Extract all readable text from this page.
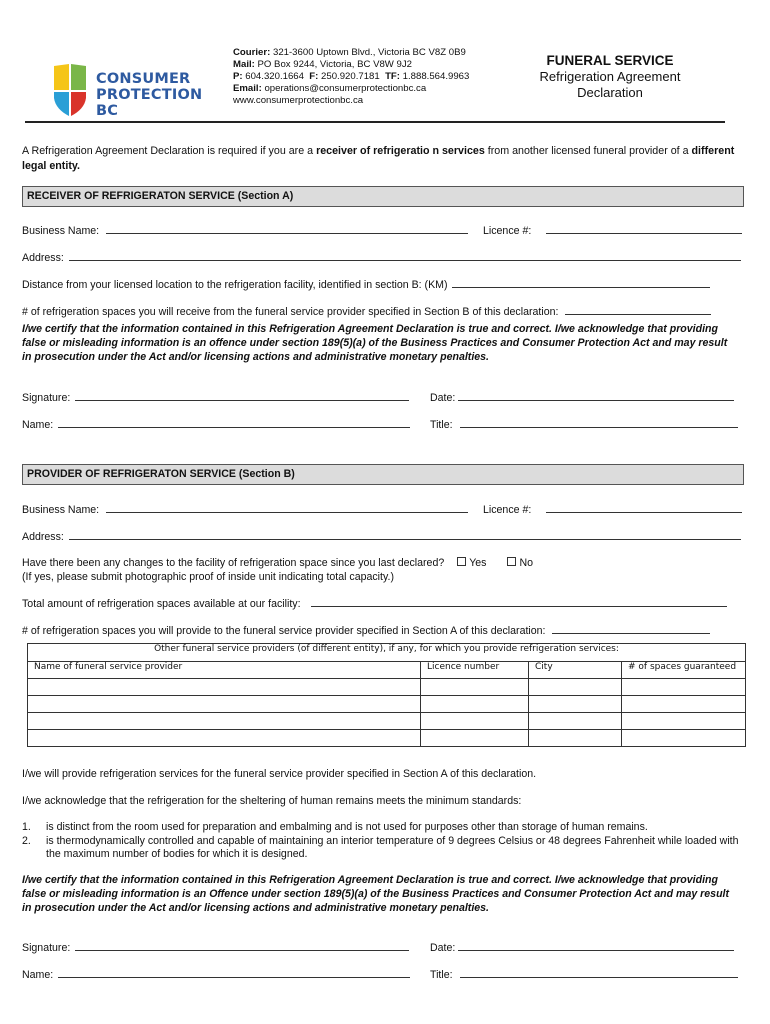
CONSUMER
PROTECTION BC
Courier: 321-3600 Uptown Blvd., Victoria BC V8Z 0B9
Mail: PO Box 9244, Victoria, BC V8W 9J2
P: 604.320.1664 F: 250.920.7181 TF: 1.888.564.9963
Email: operations@consumerprotectionbc.ca
www.consumerprotectionbc.ca
FUNERAL SERVICE
Refrigeration Agreement
Declaration
A Refrigeration Agreement Declaration is required if you are a receiver of refrigeratio n services from another licensed funeral provider of a different legal entity.
RECEIVER OF REFRIGERATON SERVICE (Section A)
Business Name:	Licence #:
Address:
Distance from your licensed location to the refrigeration facility, identified in section B: (KM)
# of refrigeration spaces you will receive from the funeral service provider specified in Section B of this declaration:
I/we certify that the information contained in this Refrigeration Agreement Declaration is true and correct. I/we acknowledge that providing false or misleading information is an offence under section 189(5)(a) of the Business Practices and Consumer Protection Act and may result in prosecution under the Act and/or licensing actions and administrative monetary penalties.
Signature:	Date:
Name:	Title:
PROVIDER OF REFRIGERATON SERVICE (Section B)
Business Name:	Licence #:
Address:
Have there been any changes to the facility of refrigeration space since you last declared? Yes	No
(If yes, please submit photographic proof of inside unit indicating total capacity.)
Total amount of refrigeration spaces available at our facility:
# of refrigeration spaces you will provide to the funeral service provider specified in Section A of this declaration:
Other funeral service providers (of different entity), if any, for which you provide refrigeration services:			
Name of funeral service provider	Licence number	City	# of spaces guaranteed

I/we will provide refrigeration services for the funeral service provider specified in Section A of this declaration.
I/we acknowledge that the refrigeration for the sheltering of human remains meets the minimum standards:
1. is distinct from the room used for preparation and embalming and is not used for purposes other than storage of human remains.
2. is thermodynamically controlled and capable of maintaining an interior temperature of 9 degrees Celsius or 48 degrees Fahrenheit while loaded with the maximum number of bodies for which it is designed.
I/we certify that the information contained in this Refrigeration Agreement Declaration is true and correct. I/we acknowledge that providing false or misleading information is an Offence under section 189(5)(a) of the Business Practices and Consumer Protection Act and may result in prosecution under the Act and/or licensing actions and administrative monetary penalties.
Signature:	Date:
Name:	Title:
